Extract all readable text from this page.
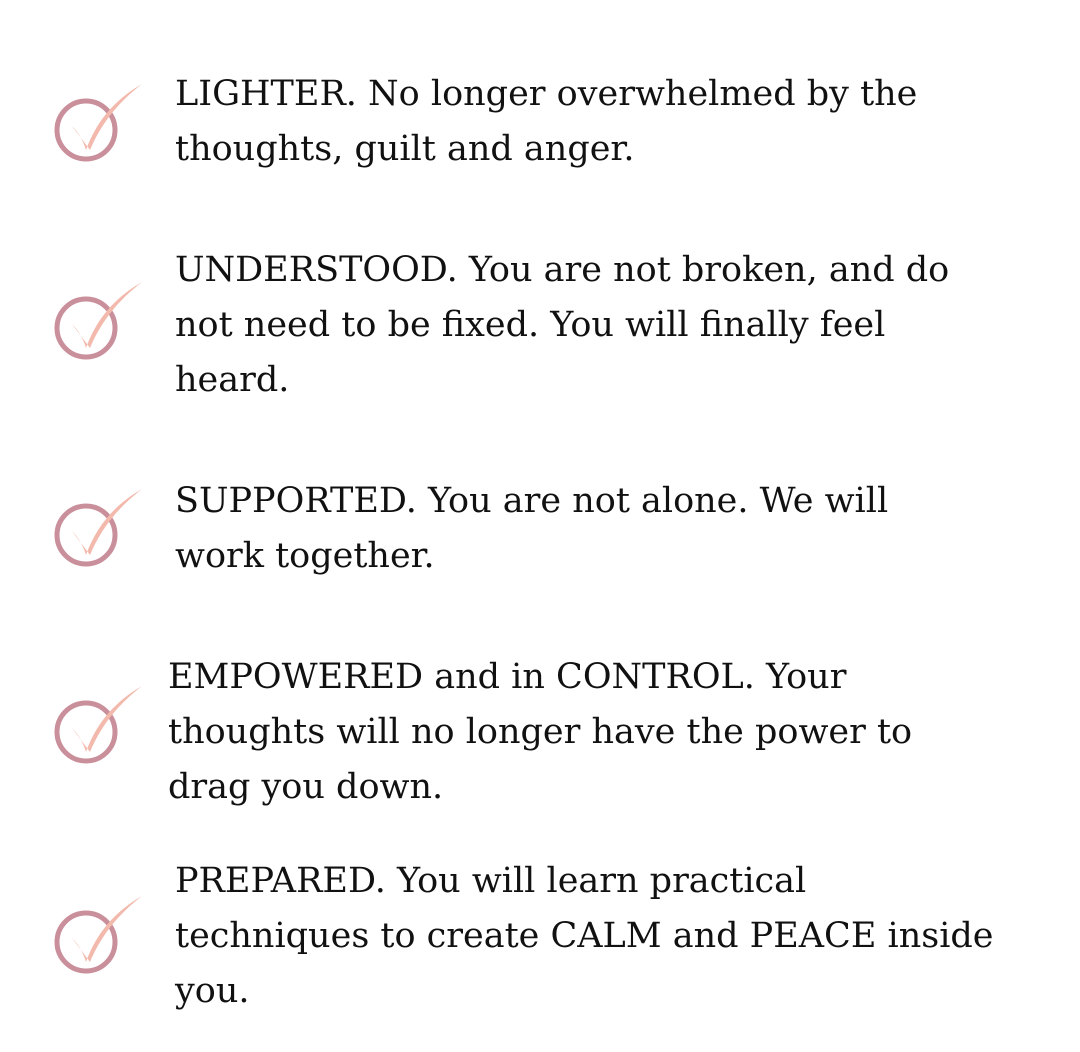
LIGHTER. No longer overwhelmed by the
thoughts, guilt and anger.
UNDERSTOOD. You are not broken, and do
not need to be fixed. You will finally feel
heard.
SUPPORTED. You are not alone. We will
work together.
EMPOWERED and in CONTROL. Your
thoughts will no longer have the power to
drag you down.
PREPARED. You will learn practical
techniques to create CALM and PEACE inside
you.
